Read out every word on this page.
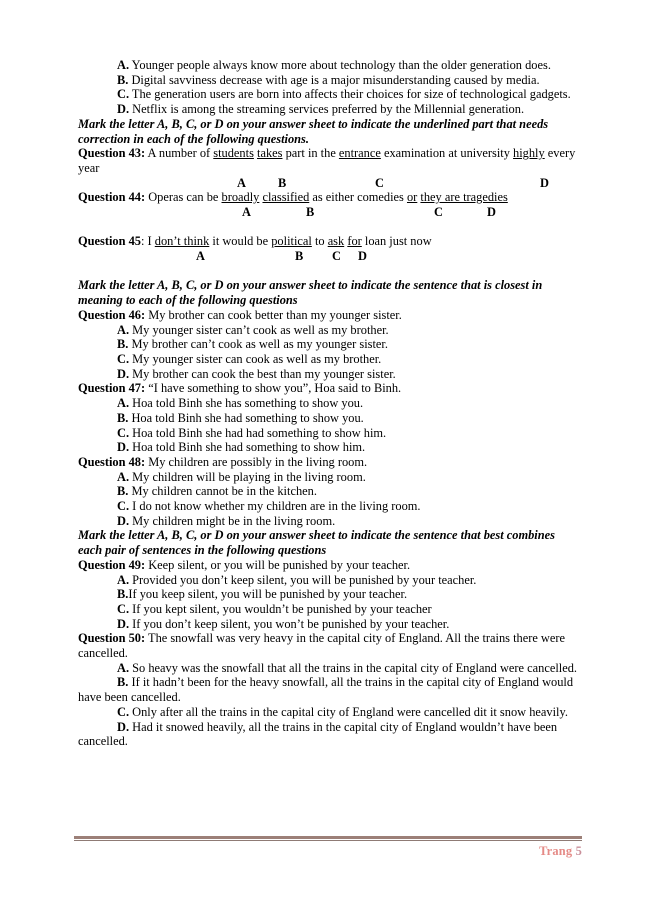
A. Younger people always know more about technology than the older generation does.

B. Digital savviness decrease with age is a major misunderstanding caused by media.

C. The generation users are born into affects their choices for size of technological gadgets.

D. Netflix is among the streaming services preferred by the Millennial generation.

Mark the letter A, B, C, or D on your answer sheet to indicate the underlined part that needs correction in each of the following questions.

Question 43: A number of students takes part in the entrance examination at university highly every year

A	B	C	D

Question 44: Operas can be broadly classified as either comedies or they are tragedies

A	B	C	D

Question 45: I don’t think it would be political to ask for loan just now

A	B C D

Mark the letter A, B, C, or D on your answer sheet to indicate the sentence that is closest in meaning to each of the following questions

Question 46: My brother can cook better than my younger sister.

A. My younger sister can’t cook as well as my brother.

B. My brother can’t cook as well as my younger sister.

C. My younger sister can cook as well as my brother.

D. My brother can cook the best than my younger sister.

Question 47: “I have something to show you”, Hoa said to Binh.

A. Hoa told Binh she has something to show you.

B. Hoa told Binh she had something to show you.

C. Hoa told Binh she had had something to show him.

D. Hoa told Binh she had something to show him.

Question 48: My children are possibly in the living room.

A. My children will be playing in the living room.

B. My children cannot be in the kitchen.

C. I do not know whether my children are in the living room.

D. My children might be in the living room.

Mark the letter A, B, C, or D on your answer sheet to indicate the sentence that best combines each pair of sentences in the following questions

Question 49: Keep silent, or you will be punished by your teacher.

A. Provided you don’t keep silent, you will be punished by your teacher.

B.If you keep silent, you will be punished by your teacher.

C. If you kept silent, you wouldn’t be punished by your teacher

D. If you don’t keep silent, you won’t be punished by your teacher.

Question 50: The snowfall was very heavy in the capital city of England. All the trains there were cancelled.

A. So heavy was the snowfall that all the trains in the capital city of England were cancelled.

B. If it hadn’t been for the heavy snowfall, all the trains in the capital city of England would have been cancelled.

C. Only after all the trains in the capital city of England were cancelled dit it snow heavily.

D. Had it snowed heavily, all the trains in the capital city of England wouldn’t have been cancelled.

Trang 5
